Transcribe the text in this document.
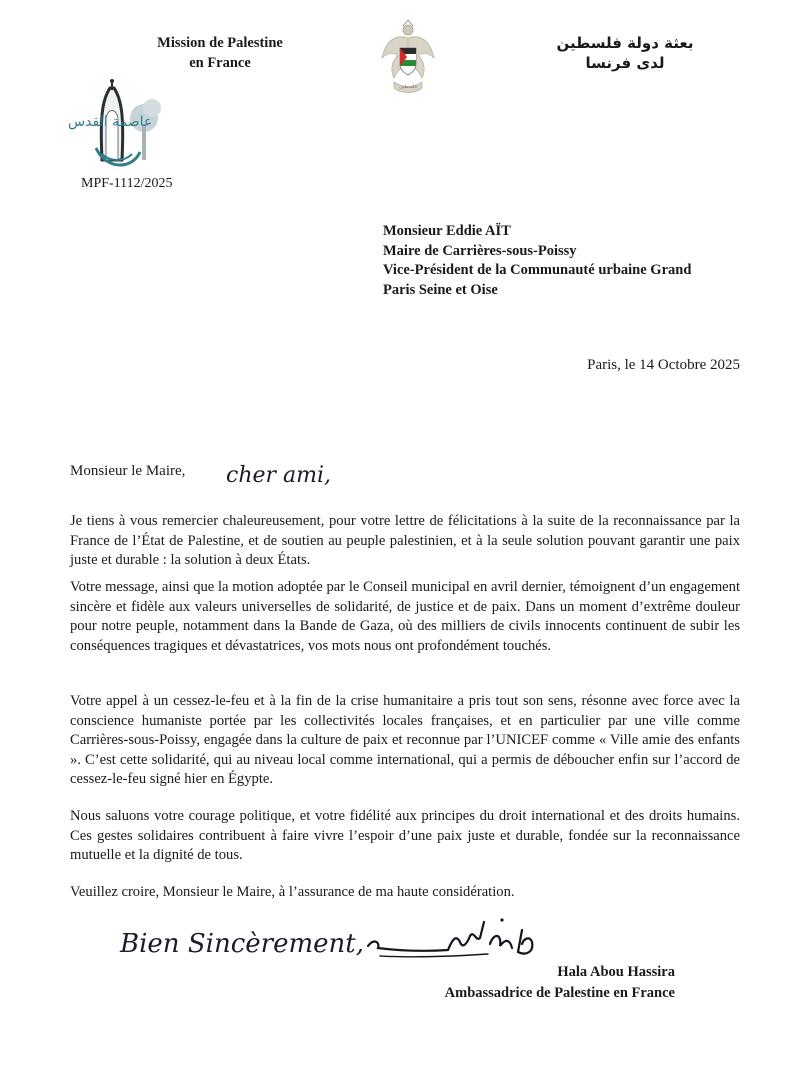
Mission de Palestine
en France
فلسطين
بعثة دولة فلسطين
لدى فرنسا
عاصمة القدس
MPF-1112/2025
Monsieur Eddie AÏT
Maire de Carrières-sous-Poissy
Vice-Président de la Communauté urbaine Grand
Paris Seine et Oise
Paris, le 14 Octobre 2025
Monsieur le Maire, cher ami,
Je tiens à vous remercier chaleureusement, pour votre lettre de félicitations à la suite de la reconnaissance par la France de l’État de Palestine, et de soutien au peuple palestinien, et à la seule solution pouvant garantir une paix juste et durable : la solution à deux États.
Votre message, ainsi que la motion adoptée par le Conseil municipal en avril dernier, témoignent d’un engagement sincère et fidèle aux valeurs universelles de solidarité, de justice et de paix. Dans un moment d’extrême douleur pour notre peuple, notamment dans la Bande de Gaza, où des milliers de civils innocents continuent de subir les conséquences tragiques et dévastatrices, vos mots nous ont profondément touchés.
Votre appel à un cessez-le-feu et à la fin de la crise humanitaire a pris tout son sens, résonne avec force avec la conscience humaniste portée par les collectivités locales françaises, et en particulier par une ville comme Carrières-sous-Poissy, engagée dans la culture de paix et reconnue par l’UNICEF comme « Ville amie des enfants ». C’est cette solidarité, qui au niveau local comme international, qui a permis de déboucher enfin sur l’accord de cessez-le-feu signé hier en Égypte.
Nous saluons votre courage politique, et votre fidélité aux principes du droit international et des droits humains. Ces gestes solidaires contribuent à faire vivre l’espoir d’une paix juste et durable, fondée sur la reconnaissance mutuelle et la dignité de tous.
Veuillez croire, Monsieur le Maire, à l’assurance de ma haute considération.
Bien Sincèrement,
Hala Abou Hassira
Ambassadrice de Palestine en France
